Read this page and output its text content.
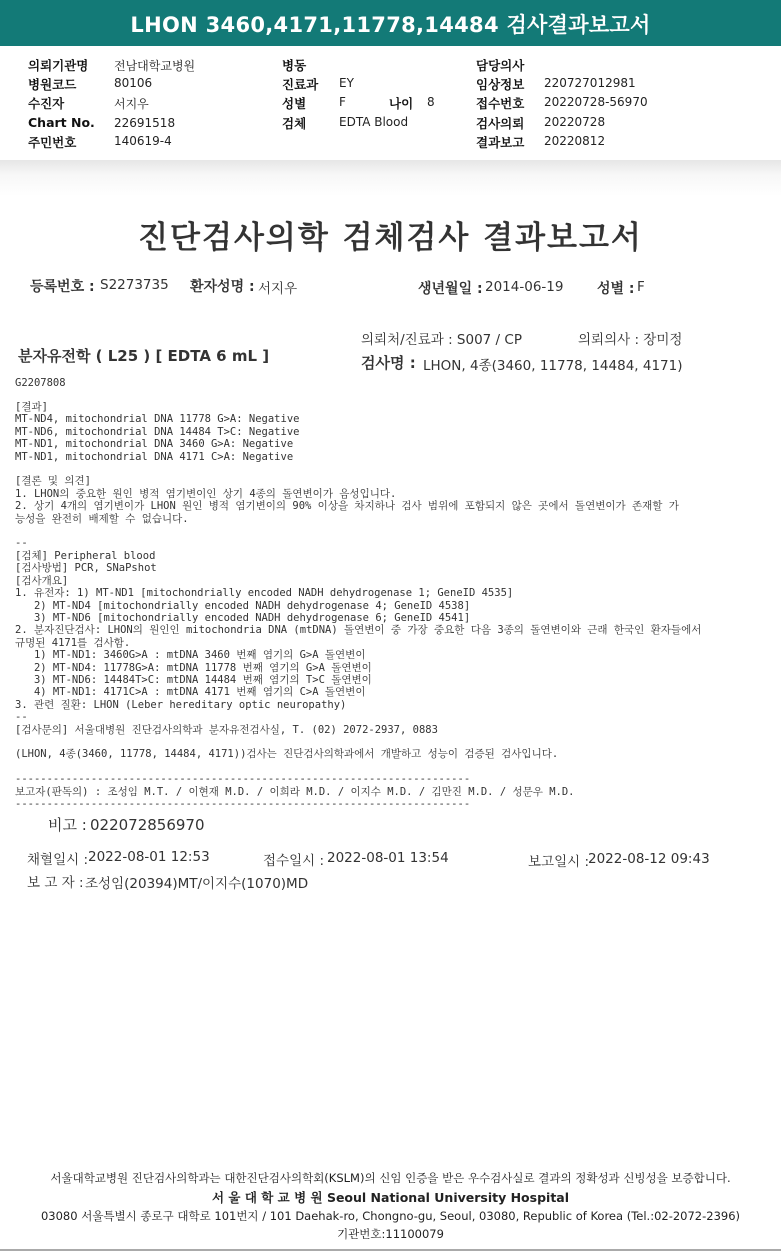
LHON 3460,4171,11778,14484 검사결과보고서
의뢰기관명 전남대학교병원
병원코드	80106
수진자	서지우
Chart No. 22691518
주민번호	140619-4
병동
진료과 EY
성별	F	나이 8
검체	EDTA Blood
담당의사
임상정보 220727012981
접수번호 20220728-56970
검사의뢰 20220728
결과보고 20220812
진단검사의학 검체검사 결과보고서
등록번호 : S2273735 환자성명 : 서지우	생년월일 : 2014-06-19 성별 : F
의뢰처/진료과 : S007 / CP	의뢰의사 : 장미정
분자유전학 ( L25 ) [ EDTA 6 mL ]	검사명 : LHON, 4종(3460, 11778, 14484, 4171)
G2207808
[결과]
MT-ND4, mitochondrial DNA 11778 G>A: Negative
MT-ND6, mitochondrial DNA 14484 T>C: Negative
MT-ND1, mitochondrial DNA 3460 G>A: Negative
MT-ND1, mitochondrial DNA 4171 C>A: Negative

[결론 및 의견]
1. LHON의 중요한 원인 병적 염기변이인 상기 4종의 돌연변이가 음성입니다.
2. 상기 4개의 염기변이가 LHON 원인 병적 염기변이의 90% 이상을 차지하나 검사 범위에 포함되지 않은 곳에서 돌연변이가 존재할 가
능성을 완전히 배제할 수 없습니다.

--
[검체] Peripheral blood
[검사방법] PCR, SNaPshot
[검사개요]
1. 유전자: 1) MT-ND1 [mitochondrially encoded NADH dehydrogenase 1; GeneID 4535]
2) MT-ND4 [mitochondrially encoded NADH dehydrogenase 4; GeneID 4538]
3) MT-ND6 [mitochondrially encoded NADH dehydrogenase 6; GeneID 4541]
2. 분자진단검사: LHON의 원인인 mitochondria DNA (mtDNA) 돌연변이 중 가장 중요한 다음 3종의 돌연변이와 근래 한국인 환자들에서
규명된 4171를 검사함.
1) MT-ND1: 3460G>A : mtDNA 3460 번째 염기의 G>A 돌연변이
2) MT-ND4: 11778G>A: mtDNA 11778 번째 염기의 G>A 돌연변이
3) MT-ND6: 14484T>C: mtDNA 14484 번째 염기의 T>C 돌연변이
4) MT-ND1: 4171C>A : mtDNA 4171 번째 염기의 C>A 돌연변이
3. 관련 질환: LHON (Leber hereditary optic neuropathy)
--
[검사문의] 서울대병원 진단검사의학과 분자유전검사실, T. (02) 2072-2937, 0883

(LHON, 4종(3460, 11778, 14484, 4171))검사는 진단검사의학과에서 개발하고 성능이 검증된 검사입니다.

------------------------------------------------------------------------
보고자(판독의) : 조성임 M.T. / 이현재 M.D. / 이희라 M.D. / 이지수 M.D. / 김만진 M.D. / 성문우 M.D.
------------------------------------------------------------------------
비고 : 022072856970
채혈일시 : 2022-08-01 12:53	접수일시 : 2022-08-01 13:54	보고일시 :
2022-08-12 09:43
보 고 자 : 조성임(20394)MT/이지수(1070)MD
서울대학교병원 진단검사의학과는 대한진단검사의학회(KSLM)의 신임 인증을 받은 우수검사실로 결과의 정확성과 신빙성을 보증합니다.
서 울 대 학 교 병 원 Seoul National University Hospital
03080 서울특별시 종로구 대학로 101번지 / 101 Daehak-ro, Chongno-gu, Seoul, 03080, Republic of Korea (Tel.:02-2072-2396)
기관번호:11100079
